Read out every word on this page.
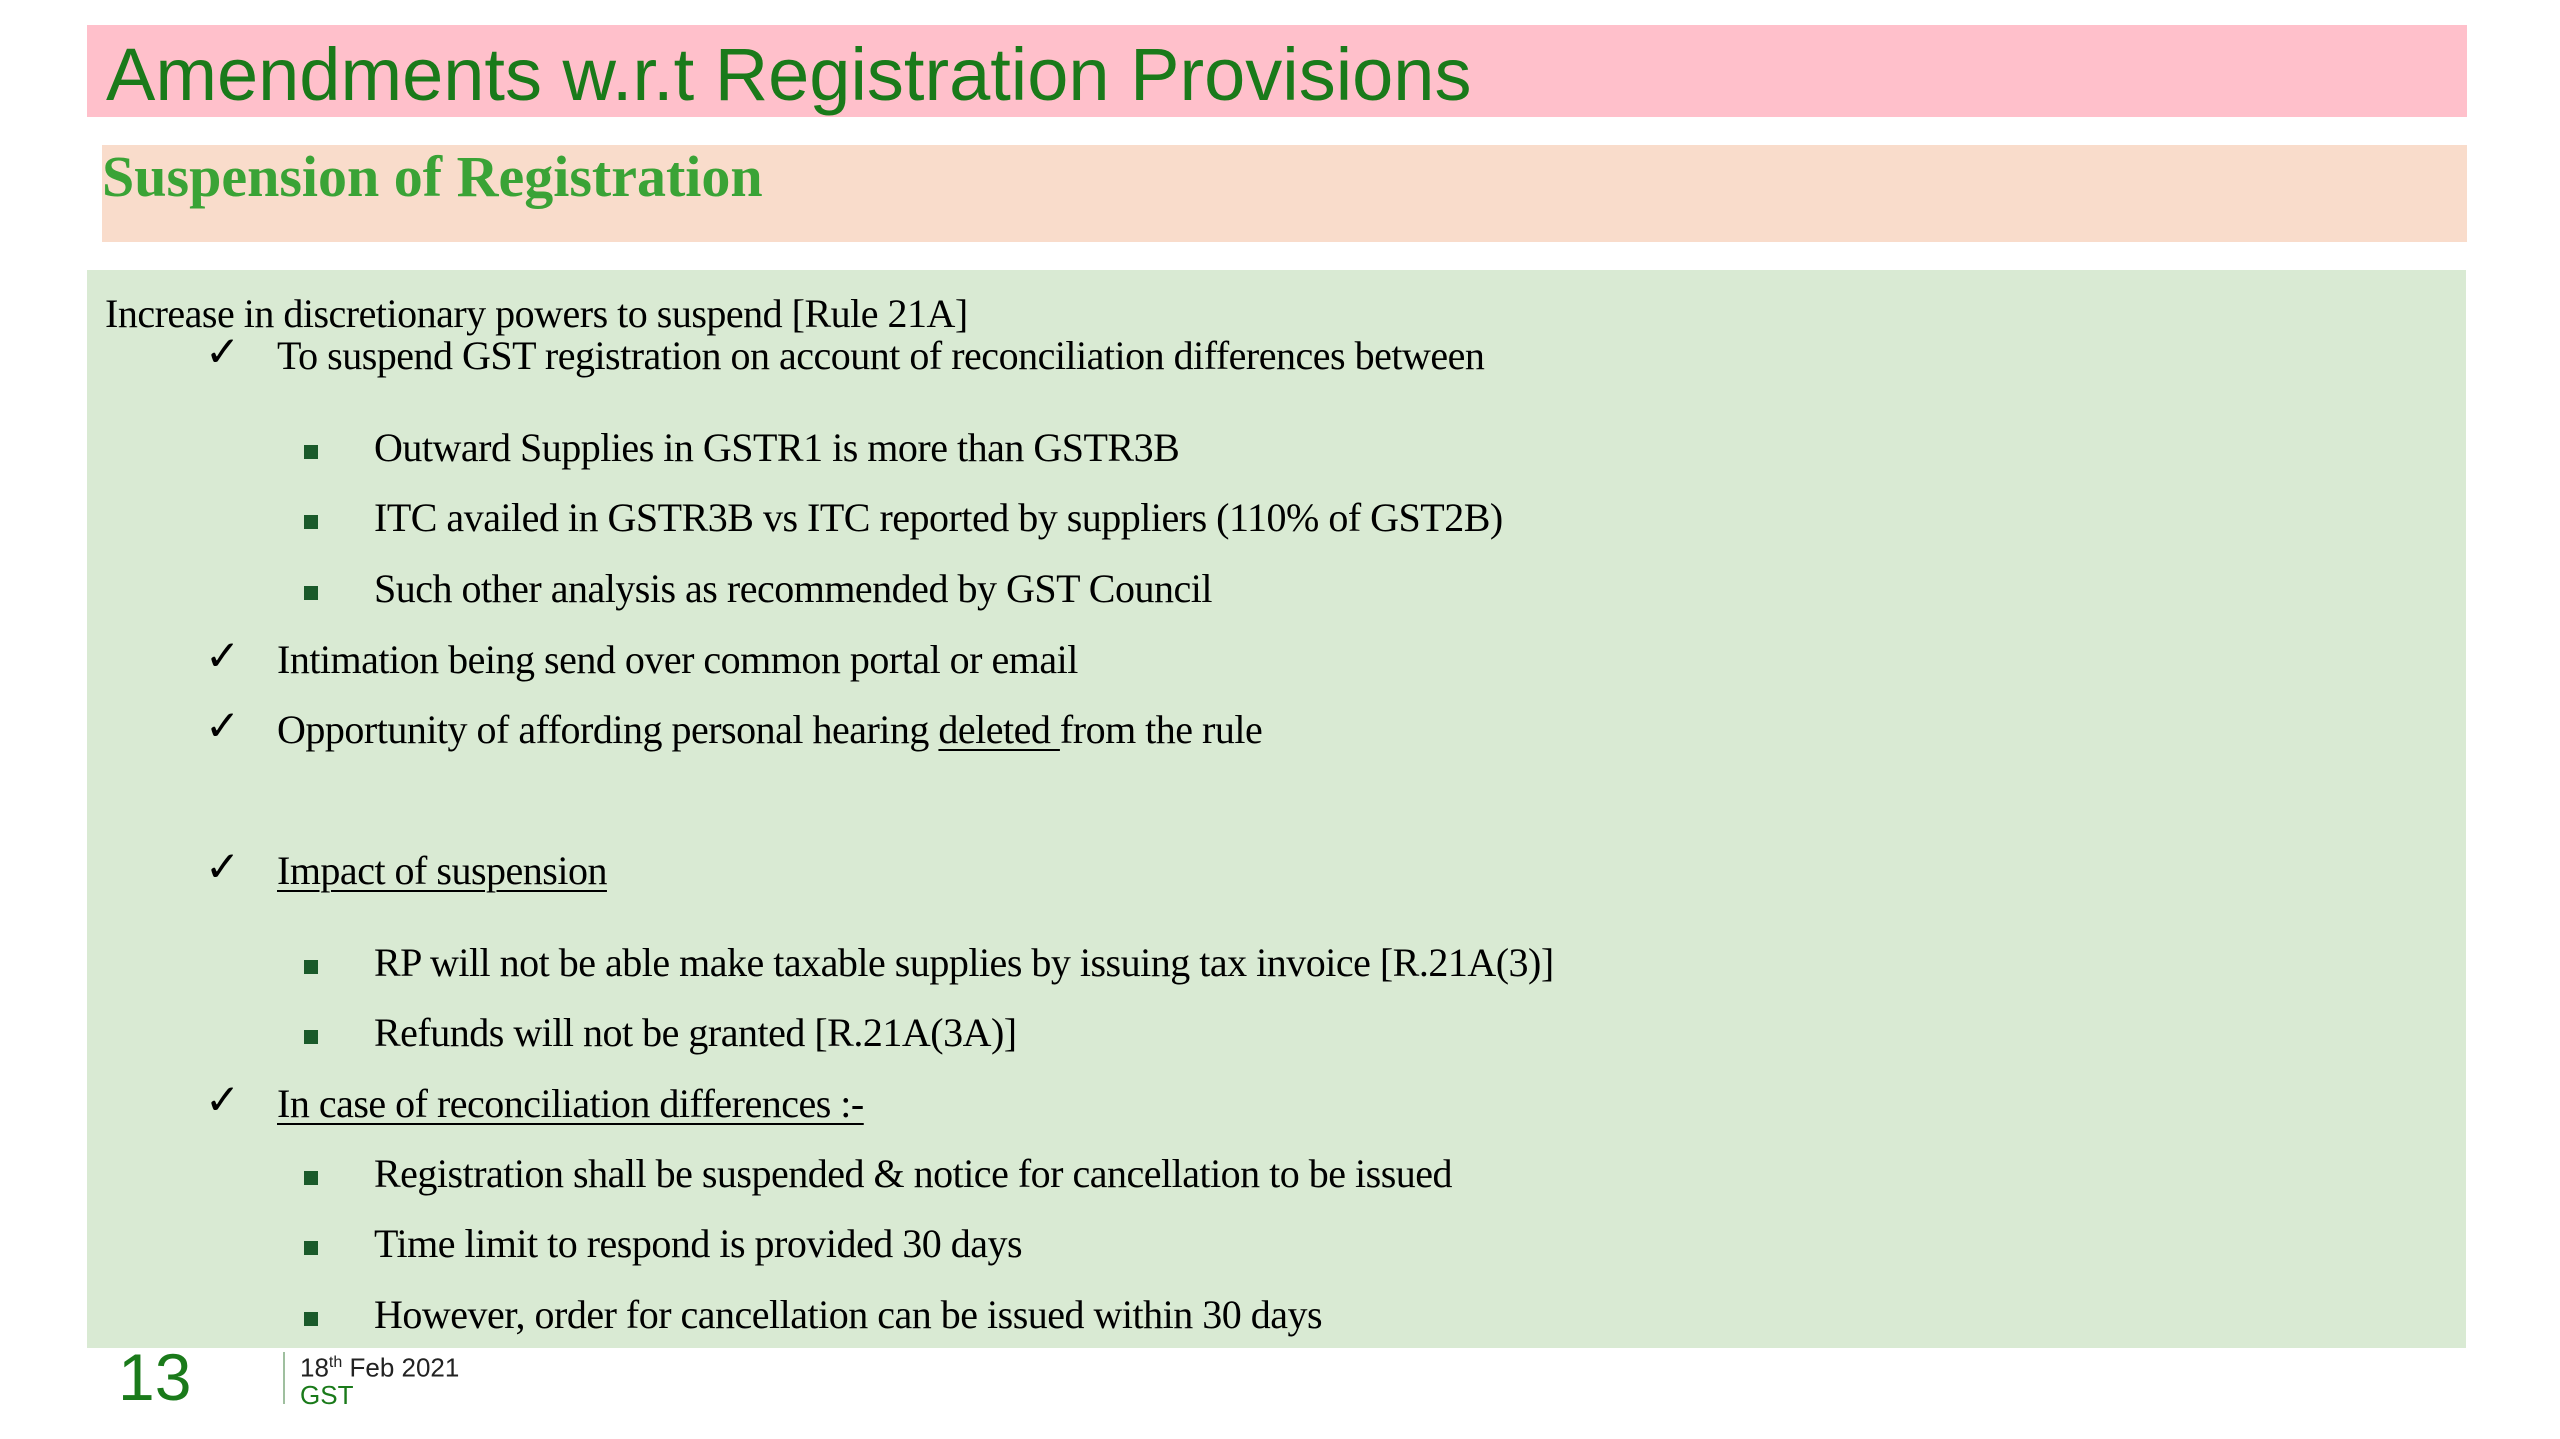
Amendments w.r.t Registration Provisions
Suspension of Registration
Increase in discretionary powers to suspend [Rule 21A]
✓ To suspend GST registration on account of reconciliation differences between
Outward Supplies in GSTR1 is more than GSTR3B
ITC availed in GSTR3B vs ITC reported by suppliers (110% of GST2B)
Such other analysis as recommended by GST Council
✓ Intimation being send over common portal or email
✓ Opportunity of affording personal hearing deleted from the rule
✓ Impact of suspension
RP will not be able make taxable supplies by issuing tax invoice [R.21A(3)]
Refunds will not be granted [R.21A(3A)]
✓ In case of reconciliation differences :-
Registration shall be suspended & notice for cancellation to be issued
Time limit to respond is provided 30 days
However, order for cancellation can be issued within 30 days
13	18th Feb 2021
GST
